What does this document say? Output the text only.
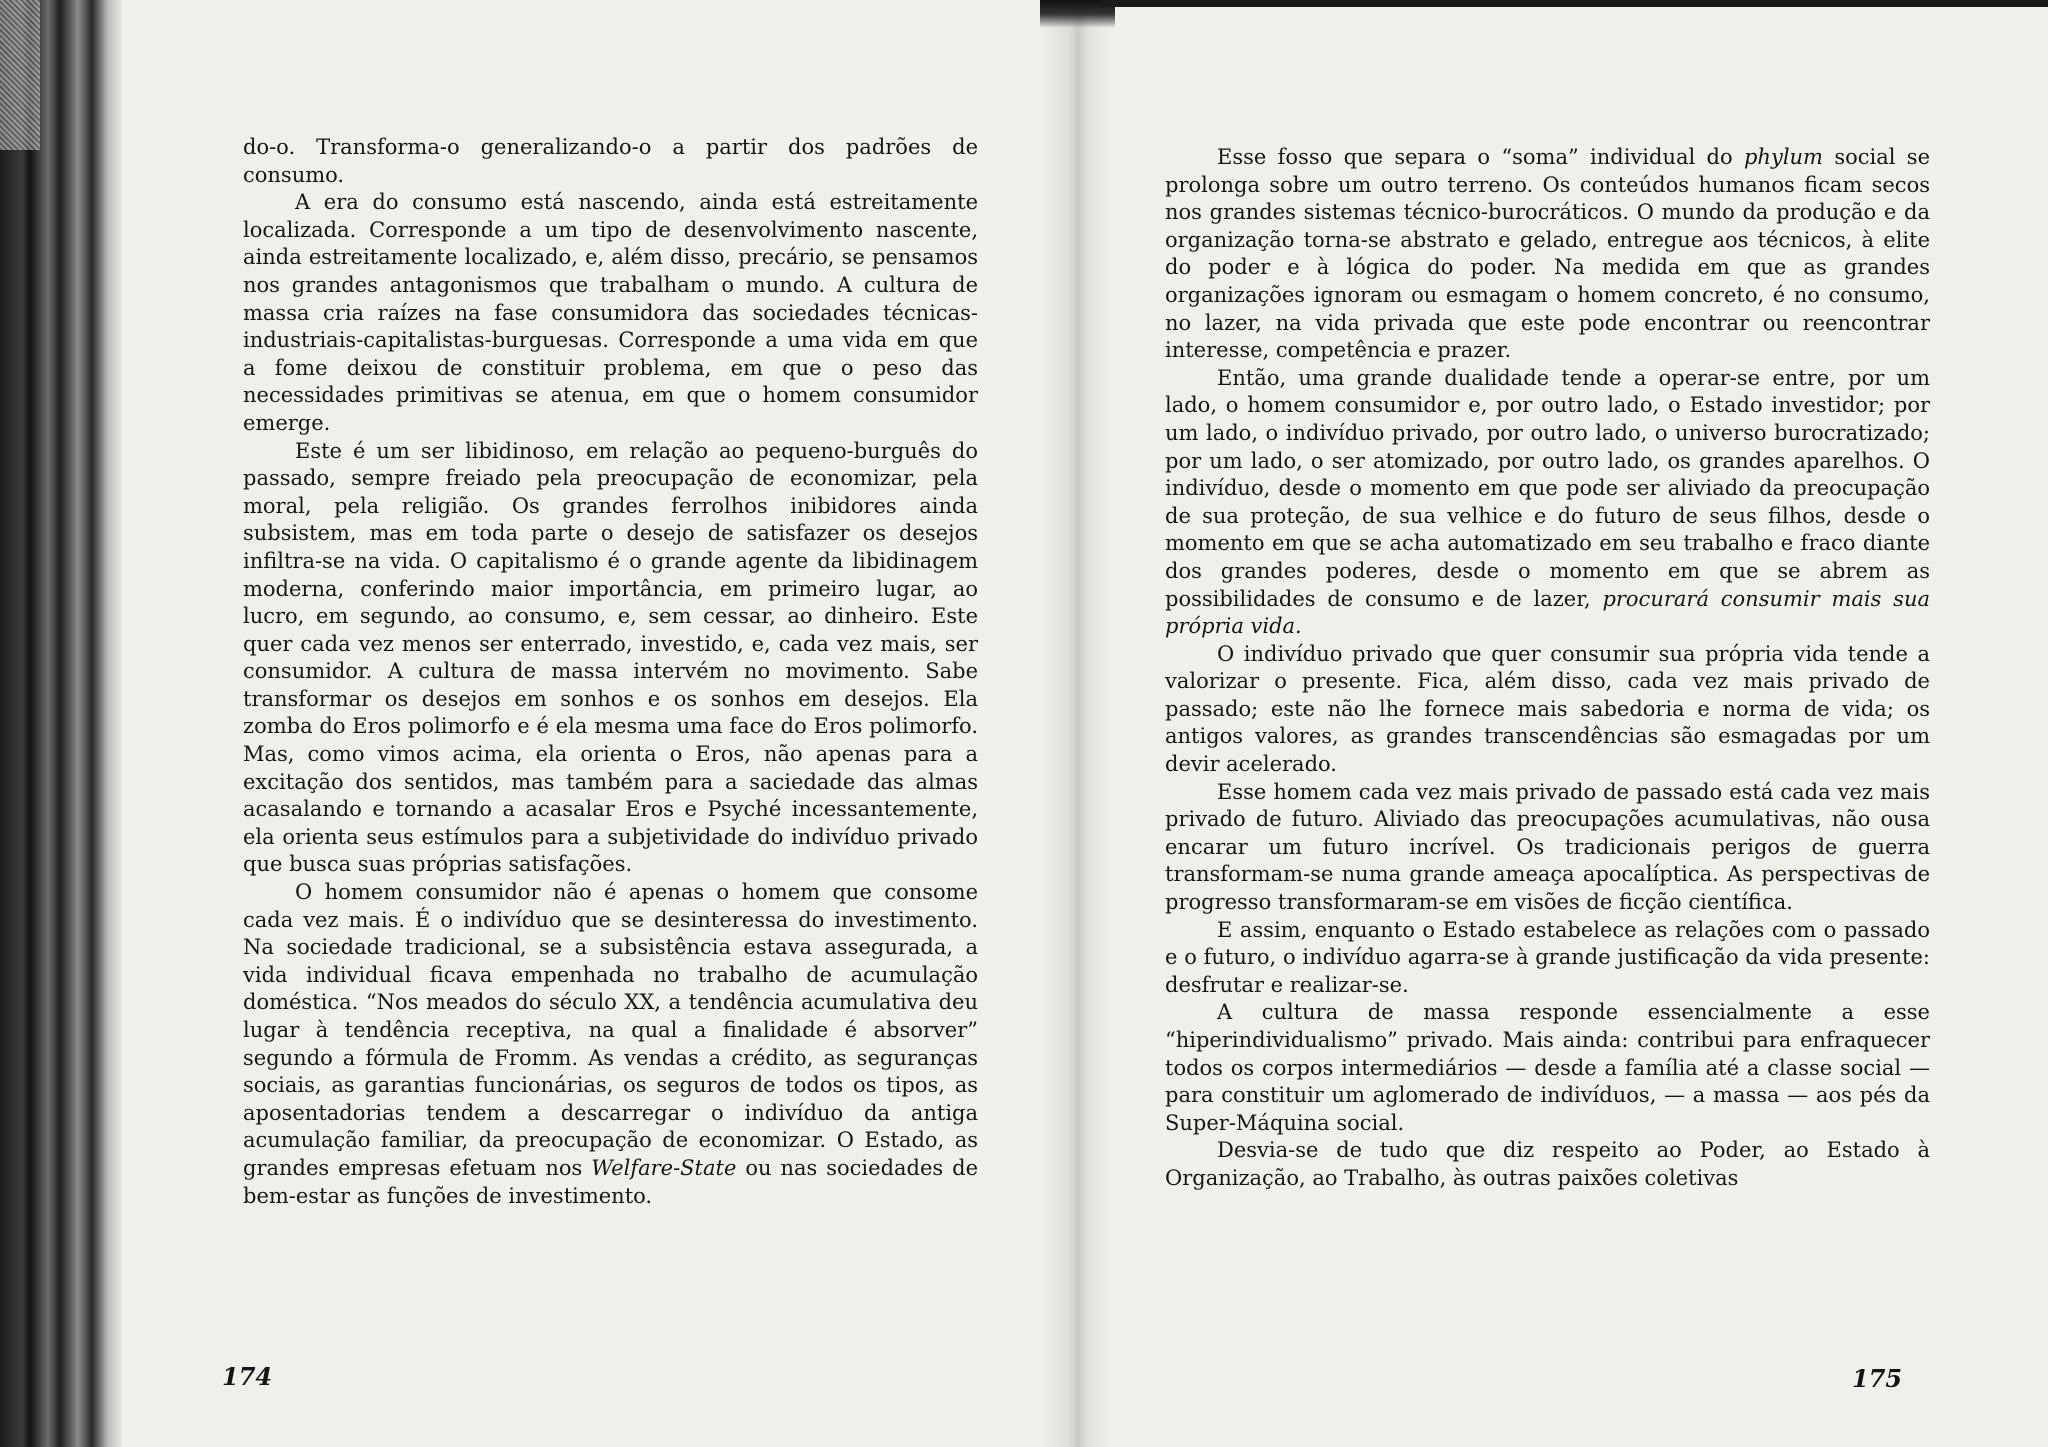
do-o. Transforma-o generalizando-o a partir dos padrões de consumo.

A era do consumo está nascendo, ainda está estreitamente localizada. Corresponde a um tipo de desenvolvimento nascente, ainda estreitamente localizado, e, além disso, precário, se pensamos nos grandes antagonismos que trabalham o mundo. A cultura de massa cria raízes na fase consumidora das sociedades técnicas-industriais-capitalistas-burguesas. Corresponde a uma vida em que a fome deixou de constituir problema, em que o peso das necessidades primitivas se atenua, em que o homem consumidor emerge.

Este é um ser libidinoso, em relação ao pequeno-burguês do passado, sempre freiado pela preocupação de economizar, pela moral, pela religião. Os grandes ferrolhos inibidores ainda subsistem, mas em toda parte o desejo de satisfazer os desejos infiltra-se na vida. O capitalismo é o grande agente da libidinagem moderna, conferindo maior importância, em primeiro lugar, ao lucro, em segundo, ao consumo, e, sem cessar, ao dinheiro. Este quer cada vez menos ser enterrado, investido, e, cada vez mais, ser consumidor. A cultura de massa intervém no movimento. Sabe transformar os desejos em sonhos e os sonhos em desejos. Ela zomba do Eros polimorfo e é ela mesma uma face do Eros polimorfo. Mas, como vimos acima, ela orienta o Eros, não apenas para a excitação dos sentidos, mas também para a saciedade das almas acasalando e tornando a acasalar Eros e Psyché incessantemente, ela orienta seus estímulos para a subjetividade do indivíduo privado que busca suas próprias satisfações.

O homem consumidor não é apenas o homem que consome cada vez mais. É o indivíduo que se desinteressa do investimento. Na sociedade tradicional, se a subsistência estava assegurada, a vida individual ficava empenhada no trabalho de acumulação doméstica. “Nos meados do século XX, a tendência acumulativa deu lugar à tendência receptiva, na qual a finalidade é absorver” segundo a fórmula de Fromm. As vendas a crédito, as seguranças sociais, as garantias funcionárias, os seguros de todos os tipos, as aposentadorias tendem a descarregar o indivíduo da antiga acumulação familiar, da preocupação de economizar. O Estado, as grandes empresas efetuam nos Welfare-State ou nas sociedades de bem-estar as funções de investimento.

174

Esse fosso que separa o “soma” individual do phylum social se prolonga sobre um outro terreno. Os conteúdos humanos ficam secos nos grandes sistemas técnico-burocráticos. O mundo da produção e da organização torna-se abstrato e gelado, entregue aos técnicos, à elite do poder e à lógica do poder. Na medida em que as grandes organizações ignoram ou esmagam o homem concreto, é no consumo, no lazer, na vida privada que este pode encontrar ou reencontrar interesse, competência e prazer.

Então, uma grande dualidade tende a operar-se entre, por um lado, o homem consumidor e, por outro lado, o Estado investidor; por um lado, o indivíduo privado, por outro lado, o universo burocratizado; por um lado, o ser atomizado, por outro lado, os grandes aparelhos. O indivíduo, desde o momento em que pode ser aliviado da preocupação de sua proteção, de sua velhice e do futuro de seus filhos, desde o momento em que se acha automatizado em seu trabalho e fraco diante dos grandes poderes, desde o momento em que se abrem as possibilidades de consumo e de lazer, procurará consumir mais sua própria vida.

O indivíduo privado que quer consumir sua própria vida tende a valorizar o presente. Fica, além disso, cada vez mais privado de passado; este não lhe fornece mais sabedoria e norma de vida; os antigos valores, as grandes transcendências são esmagadas por um devir acelerado.

Esse homem cada vez mais privado de passado está cada vez mais privado de futuro. Aliviado das preocupações acumulativas, não ousa encarar um futuro incrível. Os tradicionais perigos de guerra transformam-se numa grande ameaça apocalíptica. As perspectivas de progresso transformaram-se em visões de ficção científica.

E assim, enquanto o Estado estabelece as relações com o passado e o futuro, o indivíduo agarra-se à grande justificação da vida presente: desfrutar e realizar-se.

A cultura de massa responde essencialmente a esse “hiperindividualismo” privado. Mais ainda: contribui para enfraquecer todos os corpos intermediários — desde a família até a classe social — para constituir um aglomerado de indivíduos, — a massa — aos pés da Super-Máquina social.

Desvia-se de tudo que diz respeito ao Poder, ao Estado à Organização, ao Trabalho, às outras paixões coletivas

175
